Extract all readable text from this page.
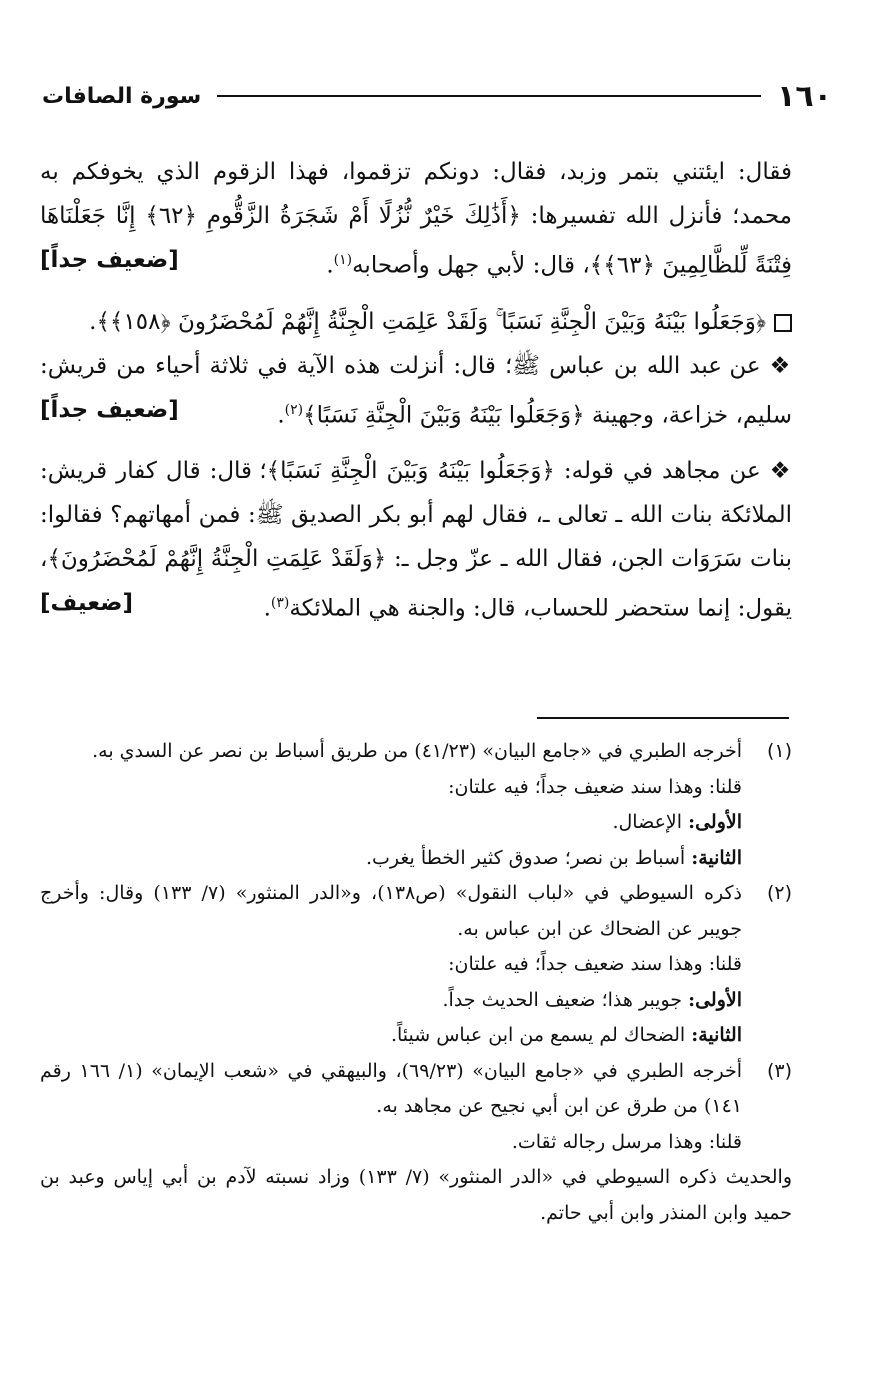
١٦٠
سورة الصافات

فقال: ايئتني بتمر وزبد، فقال: دونكم تزقموا، فهذا الزقوم الذي يخوفكم به محمد؛ فأنزل الله تفسيرها: ﴿أَذَٰلِكَ خَيْرٌ نُّزُلًا أَمْ شَجَرَةُ الزَّقُّومِ ﴿٦٢﴾ إِنَّا جَعَلْنَاهَا فِتْنَةً لِّلظَّالِمِينَ ﴿٦٣﴾﴾، قال: لأبي جهل وأصحابه$^{(١)}$.
[ضعيف جداً]

﴿وَجَعَلُوا بَيْنَهُ وَبَيْنَ الْجِنَّةِ نَسَبًا ۚ وَلَقَدْ عَلِمَتِ الْجِنَّةُ إِنَّهُمْ لَمُحْضَرُونَ ﴿١٥٨﴾﴾.

❖ عن عبد الله بن عباس ﷺ؛ قال: أنزلت هذه الآية في ثلاثة أحياء من قريش: سليم، خزاعة، وجهينة ﴿وَجَعَلُوا بَيْنَهُ وَبَيْنَ الْجِنَّةِ نَسَبًا﴾$^{(٢)}$.
[ضعيف جداً]

❖ عن مجاهد في قوله: ﴿وَجَعَلُوا بَيْنَهُ وَبَيْنَ الْجِنَّةِ نَسَبًا﴾؛ قال: قال كفار قريش: الملائكة بنات الله ـ تعالى ـ، فقال لهم أبو بكر الصديق ﷺ: فمن أمهاتهم؟ فقالوا: بنات سَرَوَات الجن، فقال الله ـ عزّ وجل ـ: ﴿وَلَقَدْ عَلِمَتِ الْجِنَّةُ إِنَّهُمْ لَمُحْضَرُونَ﴾، يقول: إنما ستحضر للحساب، قال: والجنة هي الملائكة$^{(٣)}$.
[ضعيف]

(١)

أخرجه الطبري في «جامع البيان» (٤١/٢٣) من طريق أسباط بن نصر عن السدي به.

قلنا: وهذا سند ضعيف جداً؛ فيه علتان:

الأولى: الإعضال.

الثانية: أسباط بن نصر؛ صدوق كثير الخطأ يغرب.

(٢)

ذكره السيوطي في «لباب النقول» (ص١٣٨)، و«الدر المنثور» (٧/ ١٣٣) وقال: وأخرج جويبر عن الضحاك عن ابن عباس به.

قلنا: وهذا سند ضعيف جداً؛ فيه علتان:

الأولى: جويبر هذا؛ ضعيف الحديث جداً.

الثانية: الضحاك لم يسمع من ابن عباس شيئاً.

(٣)

أخرجه الطبري في «جامع البيان» (٦٩/٢٣)، والبيهقي في «شعب الإيمان» (١/ ١٦٦ رقم ١٤١) من طرق عن ابن أبي نجيح عن مجاهد به.

قلنا: وهذا مرسل رجاله ثقات.

والحديث ذكره السيوطي في «الدر المنثور» (٧/ ١٣٣) وزاد نسبته لآدم بن أبي إياس وعبد بن حميد وابن المنذر وابن أبي حاتم.
